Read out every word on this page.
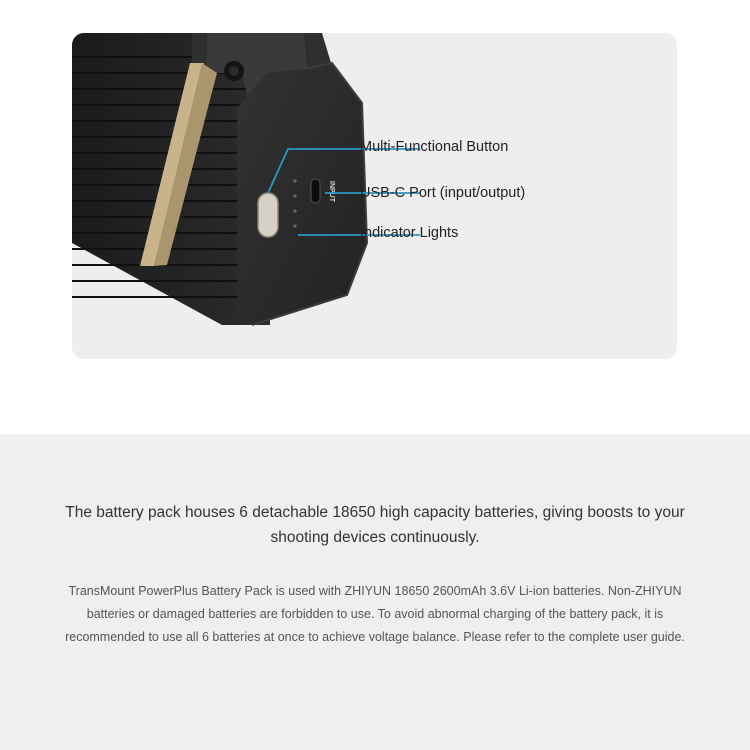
INPUT
Multi-Functional Button
USB-C Port (input/output)
Indicator Lights
The battery pack houses 6 detachable 18650 high capacity batteries, giving boosts to your shooting devices continuously.
TransMount PowerPlus Battery Pack is used with ZHIYUN 18650 2600mAh 3.6V Li-ion batteries. Non-ZHIYUN batteries or damaged batteries are forbidden to use. To avoid abnormal charging of the battery pack, it is recommended to use all 6 batteries at once to achieve voltage balance. Please refer to the complete user guide.
